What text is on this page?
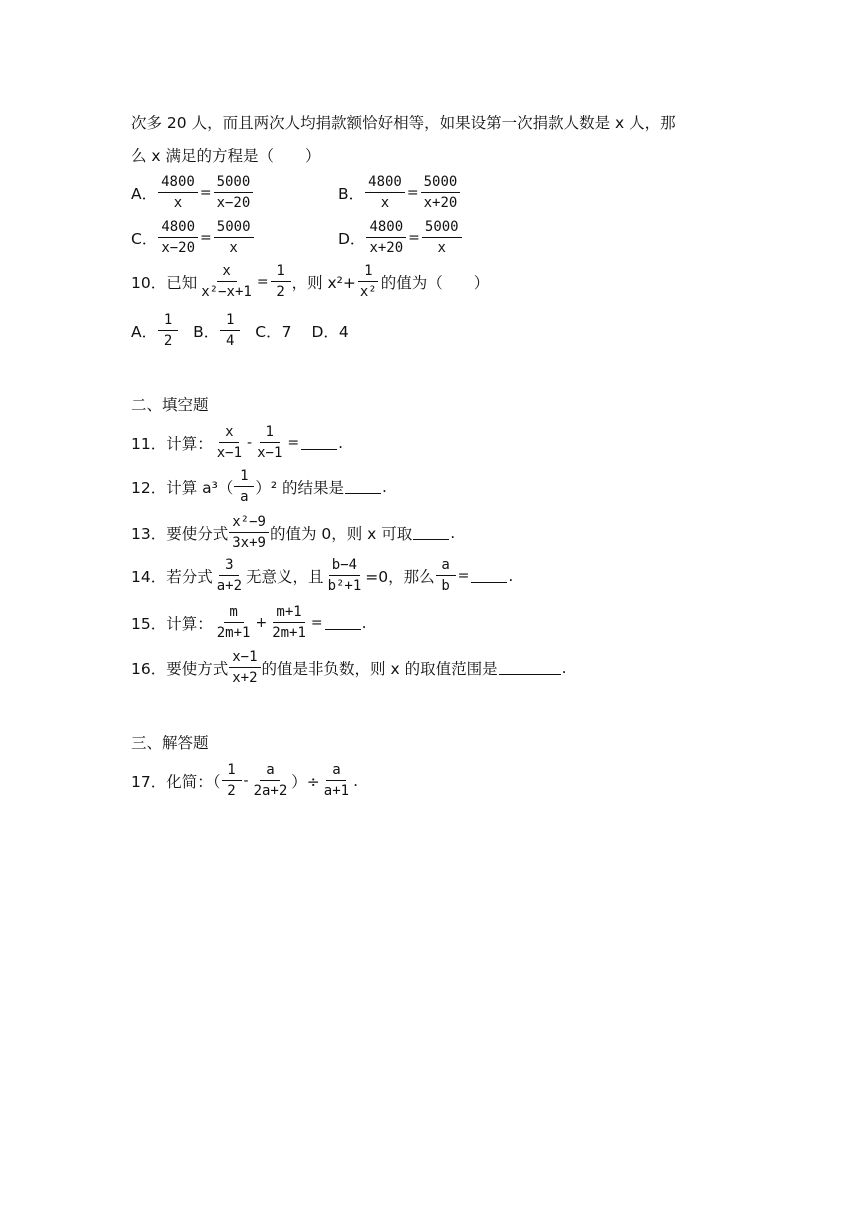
次多 20 人，而且两次人均捐款额恰好相等，如果设第一次捐款人数是 x 人，那
么 x 满足的方程是（　　）
A． $\frac{4800}{x} = \frac{5000}{x-20}$	B． $\frac{4800}{x} = \frac{5000}{x+20}$
C． $\frac{4800}{x-20} = \frac{5000}{x}$	D． $\frac{4800}{x+20} = \frac{5000}{x}$
10． 已知 $\frac{x}{\text{x²−x+1}} = \frac{1}{2}$ ，则 $x^2+ \frac{1}{\text{x²}}$ 的值为（　　）
A． $\frac{1}{2}$ B． $\frac{1}{4}$ C．7 D．4
二、填空题
11． 计算： $\frac{x}{x-1} - \frac{1}{x-1}$ =	.
12． 计算 $a^3( \frac{1}{a} )^2$ 的结果是 .
13． 要使分式 $\frac{\text{x²−9}}{3x+9}$ 的值为 0，则 x 可取 .
14． 若分式 $\frac{3}{a+2}$ 无意义，且 $\frac{b-4}{\text{b²+1}} =0$，那么 $\frac{a}{b}$ =	.
15． 计算： $\frac{m}{2m+1} + \frac{m+1}{2m+1}$ =	.
16． 要使方式 $\frac{x-1}{x+2}$ 的值是非负数，则 x 的取值范围是	.
三、解答题
17． 化简：（ $\frac{1}{2} - \frac{a}{2a+2}$ ）÷ $\frac{a}{a+1}$ .
